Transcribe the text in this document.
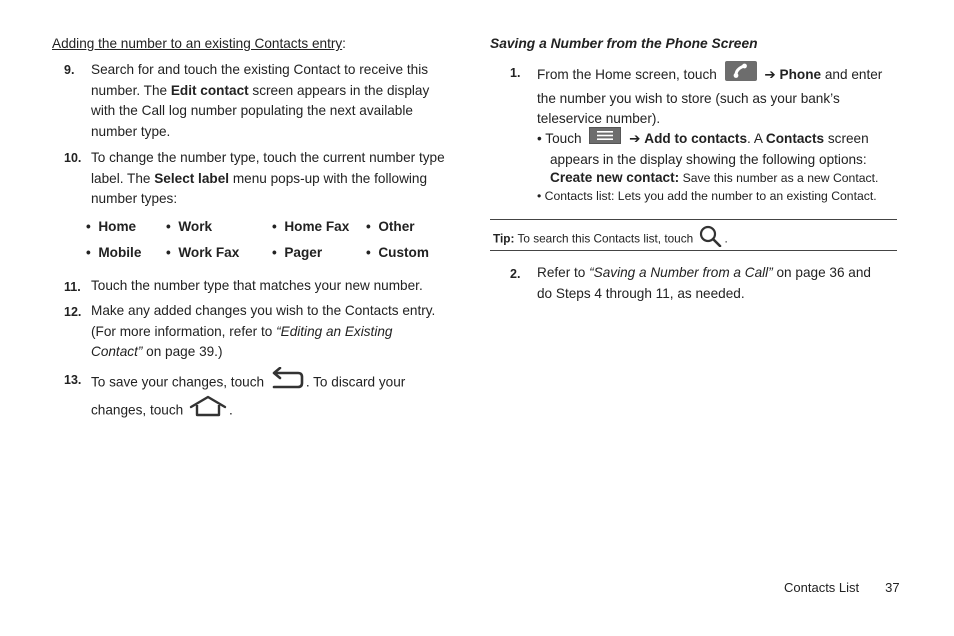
Adding the number to an existing Contacts entry:
9. Search for and touch the existing Contact to receive this
number. The Edit contact screen appears in the display
with the Call log number populating the next available
number type.
10. To change the number type, touch the current number type
label. The Select label menu pops-up with the following
number types:
• Home • Work	• Home Fax • Other
• Mobile • Work Fax • Pager	• Custom
11. Touch the number type that matches your new number.
12. Make any added changes you wish to the Contacts entry.
(For more information, refer to “Editing an Existing
Contact” on page 39.)
13. To save your changes, touch	. To discard your
changes, touch	.
Saving a Number from the Phone Screen
1. From the Home screen, touch	➔ Phone and enter
the number you wish to store (such as your bank’s
teleservice number).
• Touch	➔ Add to contacts. A Contacts screen
appears in the display showing the following options:
Create new contact: Save this number as a new Contact.
• Contacts list: Lets you add the number to an existing Contact.
Tip: To search this Contacts list, touch .
2. Refer to “Saving a Number from a Call” on page 36 and
do Steps 4 through 11, as needed.
Contacts List 37
